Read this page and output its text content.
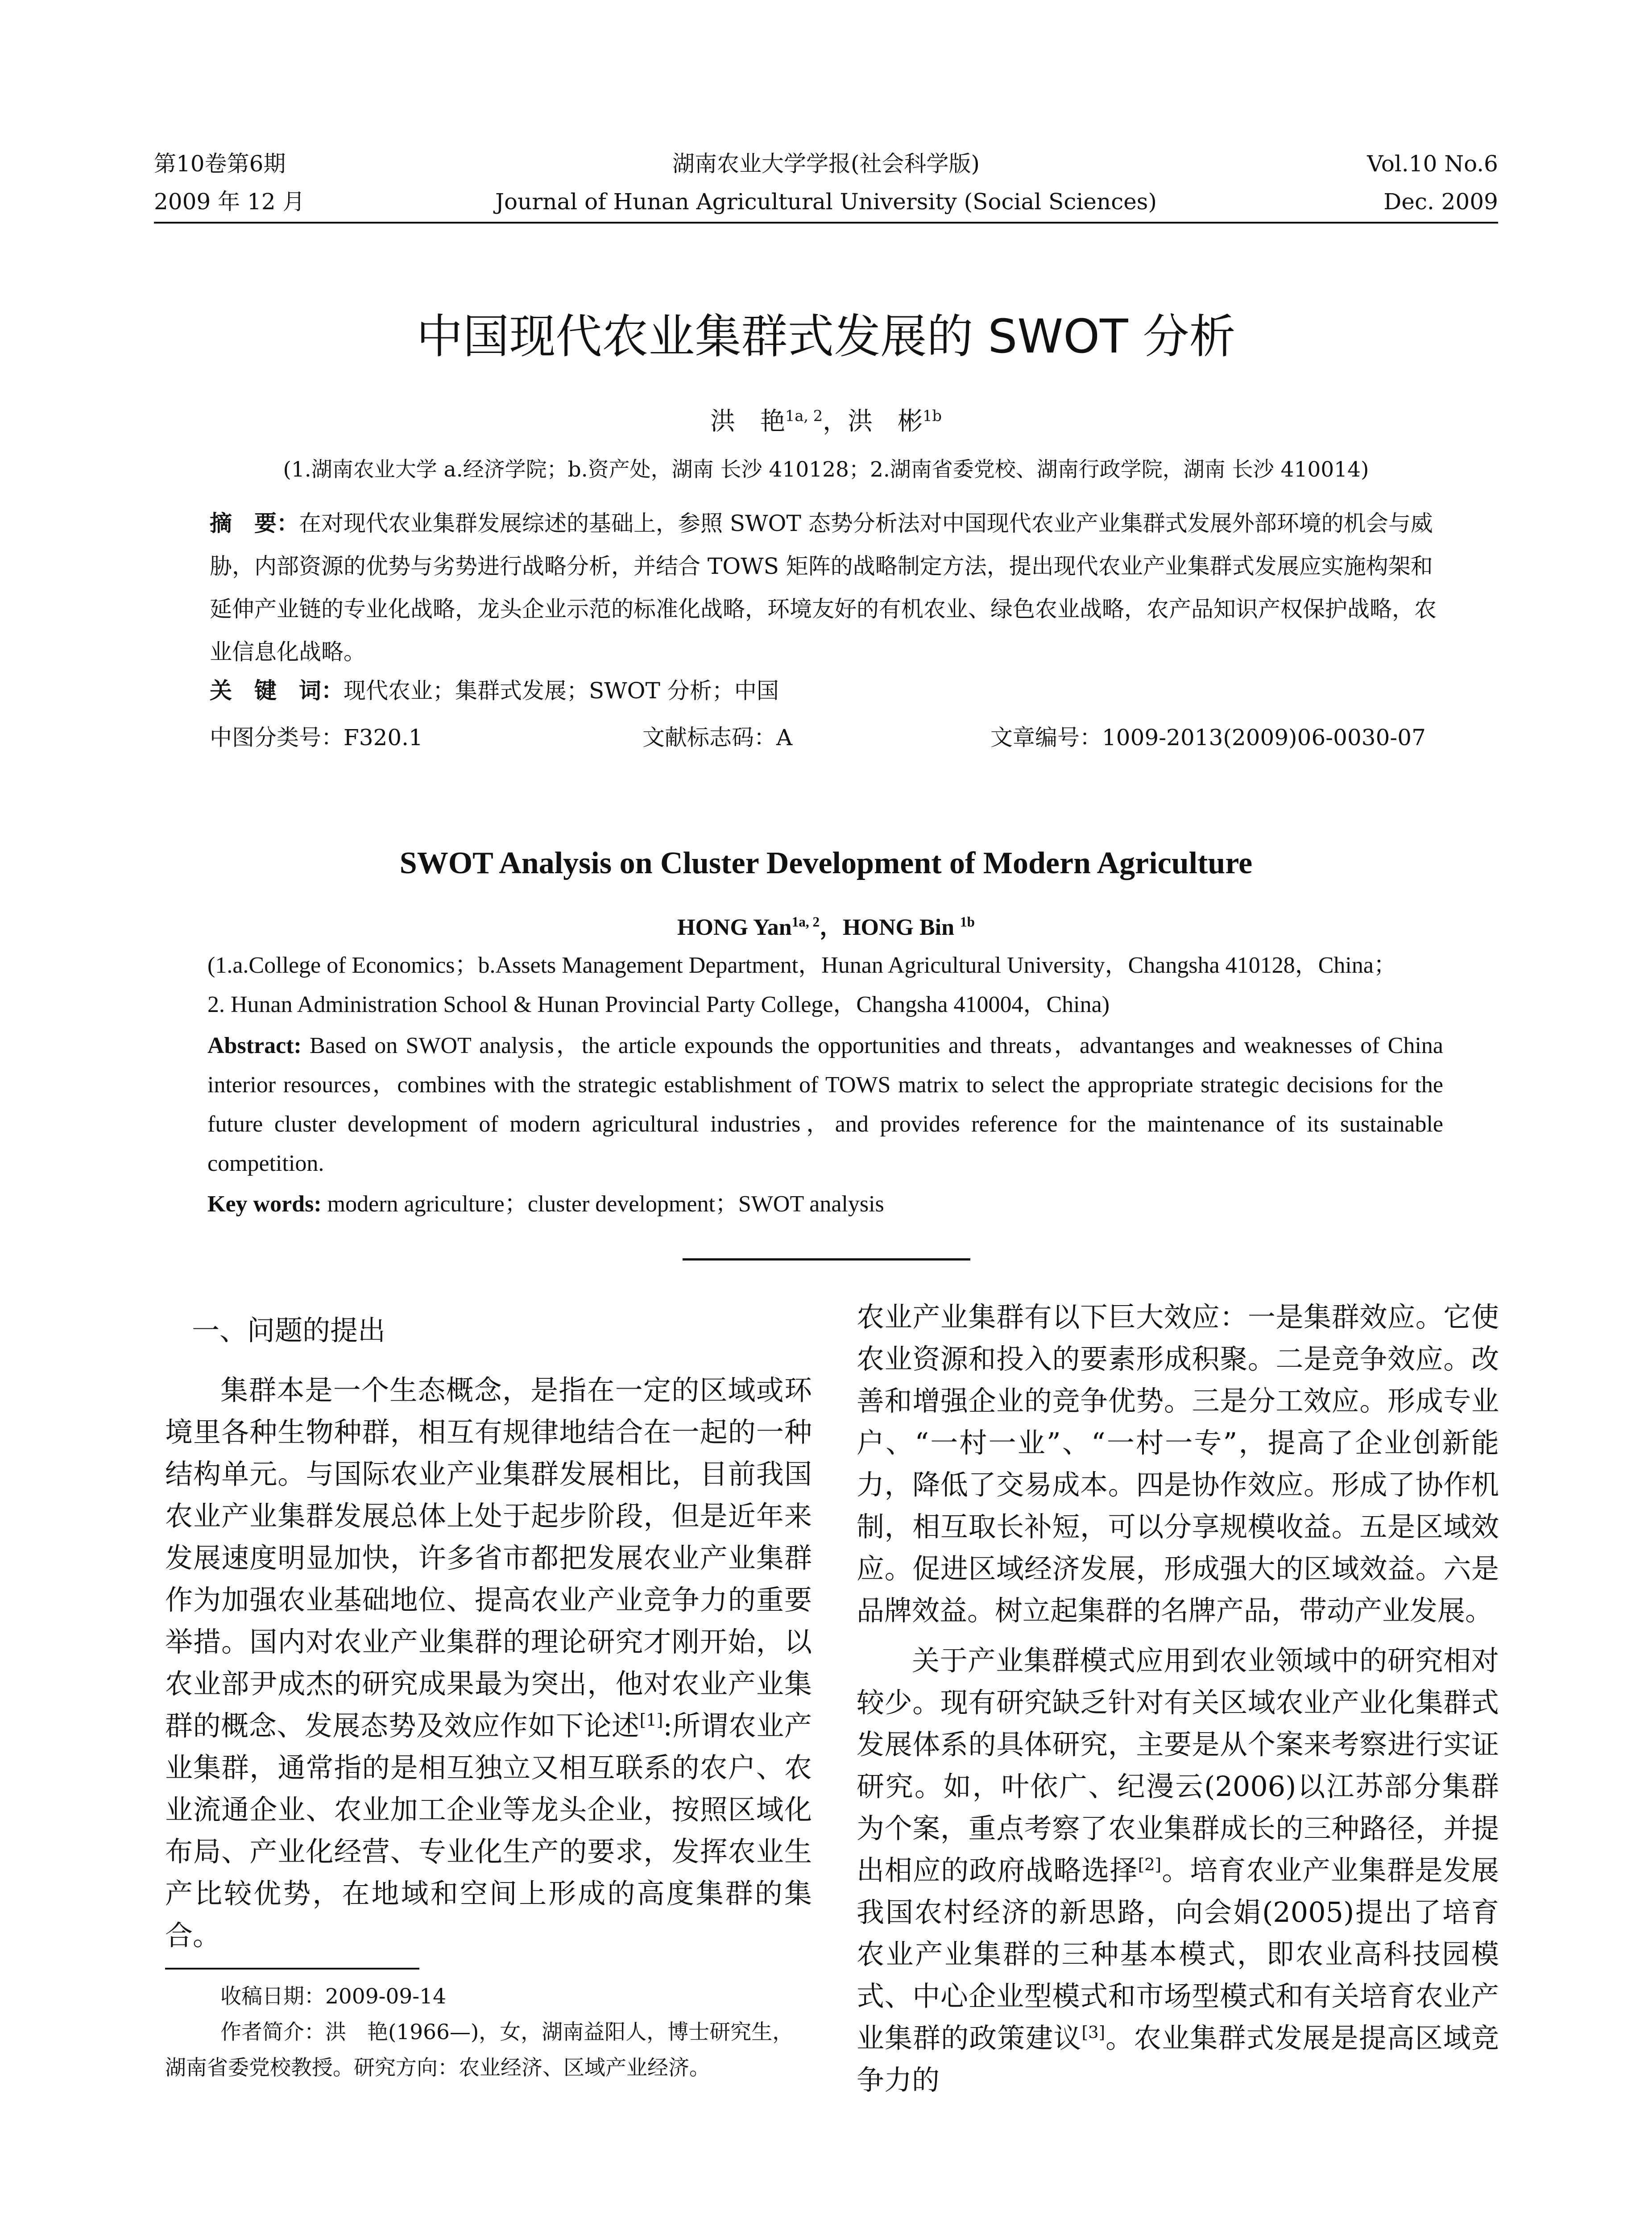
第10卷第6期
2009 年 12 月
湖南农业大学学报(社会科学版)
Journal of Hunan Agricultural University (Social Sciences)
Vol.10 No.6
Dec. 2009
中国现代农业集群式发展的 SWOT 分析
洪　艳$^{1a, 2}$，洪　彬$^{1b}$
(1.湖南农业大学 a.经济学院；b.资产处，湖南 长沙 410128；2.湖南省委党校、湖南行政学院，湖南 长沙 410014)
摘　要：在对现代农业集群发展综述的基础上，参照 SWOT 态势分析法对中国现代农业产业集群式发展外部环境的机会与威胁，内部资源的优势与劣势进行战略分析，并结合 TOWS 矩阵的战略制定方法，提出现代农业产业集群式发展应实施构架和延伸产业链的专业化战略，龙头企业示范的标准化战略，环境友好的有机农业、绿色农业战略，农产品知识产权保护战略，农业信息化战略。
关　键　词：现代农业；集群式发展；SWOT 分析；中国
中图分类号：F320.1	文献标志码：A	文章编号：1009-2013(2009)06-0030-07
SWOT Analysis on Cluster Development of Modern Agriculture
HONG Yan$^{1a, 2}$，HONG Bin $^{1b}$

(1.a.College of Economics；b.Assets Management Department，Hunan Agricultural University，Changsha 410128，China；

2. Hunan Administration School & Hunan Provincial Party College，Changsha 410004，China)

Abstract: Based on SWOT analysis，the article expounds the opportunities and threats，advantanges and weaknesses of China interior resources，combines with the strategic establishment of TOWS matrix to select the appropriate strategic decisions for the future cluster development of modern agricultural industries，and provides reference for the maintenance of its sustainable competition.
Key words: modern agriculture；cluster development；SWOT analysis
一、问题的提出

集群本是一个生态概念，是指在一定的区域或环境里各种生物种群，相互有规律地结合在一起的一种结构单元。与国际农业产业集群发展相比，目前我国农业产业集群发展总体上处于起步阶段，但是近年来发展速度明显加快，许多省市都把发展农业产业集群作为加强农业基础地位、提高农业产业竞争力的重要举措。国内对农业产业集群的理论研究才刚开始，以农业部尹成杰的研究成果最为突出，他对农业产业集群的概念、发展态势及效应作如下论述[1]:所谓农业产业集群，通常指的是相互独立又相互联系的农户、农业流通企业、农业加工企业等龙头企业，按照区域化布局、产业化经营、专业化生产的要求，发挥农业生产比较优势，在地域和空间上形成的高度集群的集合。

收稿日期：2009-09-14

作者简介：洪　艳(1966—)，女，湖南益阳人，博士研究生，湖南省委党校教授。研究方向：农业经济、区域产业经济。

农业产业集群有以下巨大效应：一是集群效应。它使农业资源和投入的要素形成积聚。二是竞争效应。改善和增强企业的竞争优势。三是分工效应。形成专业户、“一村一业”、“一村一专”，提高了企业创新能力，降低了交易成本。四是协作效应。形成了协作机制，相互取长补短，可以分享规模收益。五是区域效应。促进区域经济发展，形成强大的区域效益。六是品牌效益。树立起集群的名牌产品，带动产业发展。

关于产业集群模式应用到农业领域中的研究相对较少。现有研究缺乏针对有关区域农业产业化集群式发展体系的具体研究，主要是从个案来考察进行实证研究。如，叶依广、纪漫云(2006)以江苏部分集群为个案，重点考察了农业集群成长的三种路径，并提出相应的政府战略选择[2]。培育农业产业集群是发展我国农村经济的新思路，向会娟(2005)提出了培育农业产业集群的三种基本模式，即农业高科技园模式、中心企业型模式和市场型模式和有关培育农业产业集群的政策建议[3]。农业集群式发展是提高区域竞争力的
